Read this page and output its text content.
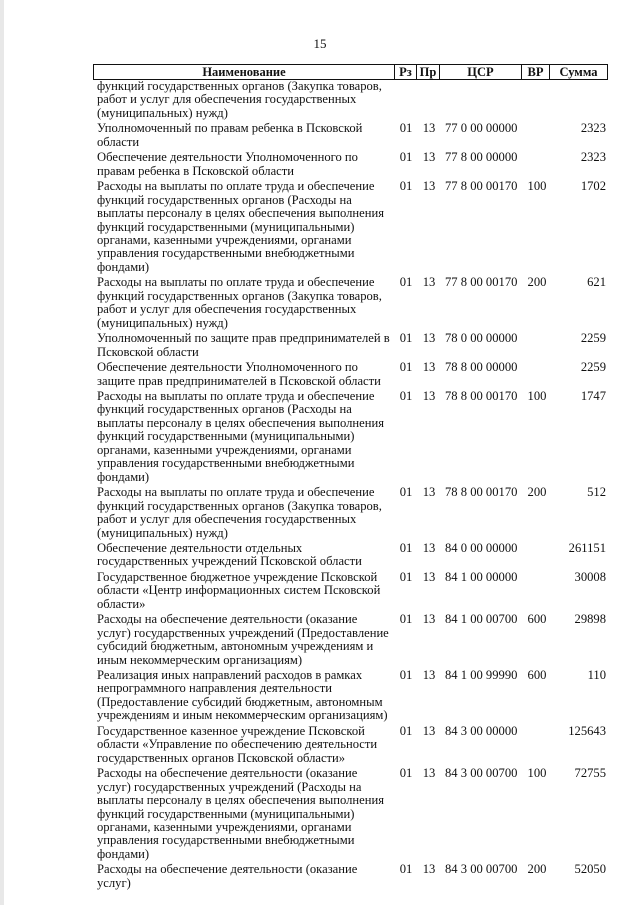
15
Наименование	Рз Пр	ЦСР	ВР	Сумма
функций государственных органов (Закупка товаров, работ и услуг для обеспечения государственных (муниципальных) нужд)
Уполномоченный по правам ребенка в Псковской области
01 13 77 0 00 00000	2323
Обеспечение деятельности Уполномоченного по правам ребенка в Псковской области
01 13 77 8 00 00000	2323
Расходы на выплаты по оплате труда и обеспечение функций государственных органов (Расходы на выплаты персоналу в целях обеспечения выполнения функций государственными (муниципальными) органами, казенными учреждениями, органами управления государственными внебюджетными фондами)
01 13 77 8 00 00170 100	1702
Расходы на выплаты по оплате труда и обеспечение функций государственных органов (Закупка товаров, работ и услуг для обеспечения государственных (муниципальных) нужд)
01 13 77 8 00 00170 200	621
Уполномоченный по защите прав предпринимателей в Псковской области
01 13 78 0 00 00000	2259
Обеспечение деятельности Уполномоченного по защите прав предпринимателей в Псковской области
01 13 78 8 00 00000	2259
Расходы на выплаты по оплате труда и обеспечение функций государственных органов (Расходы на выплаты персоналу в целях обеспечения выполнения функций государственными (муниципальными) органами, казенными учреждениями, органами управления государственными внебюджетными фондами)
01 13 78 8 00 00170 100	1747
Расходы на выплаты по оплате труда и обеспечение функций государственных органов (Закупка товаров, работ и услуг для обеспечения государственных (муниципальных) нужд)
01 13 78 8 00 00170 200	512
Обеспечение деятельности отдельных государственных учреждений Псковской области
01 13 84 0 00 00000	261151
Государственное бюджетное учреждение Псковской области «Центр информационных систем Псковской области»
01 13 84 1 00 00000	30008
Расходы на обеспечение деятельности (оказание услуг) государственных учреждений (Предоставление субсидий бюджетным, автономным учреждениям и иным некоммерческим организациям)
01 13 84 1 00 00700 600	29898
Реализация иных направлений расходов в рамках непрограммного направления деятельности (Предоставление субсидий бюджетным, автономным учреждениям и иным некоммерческим организациям)
01 13 84 1 00 99990 600	110
Государственное казенное учреждение Псковской области «Управление по обеспечению деятельности государственных органов Псковской области»
01 13 84 3 00 00000	125643
Расходы на обеспечение деятельности (оказание услуг) государственных учреждений (Расходы на выплаты персоналу в целях обеспечения выполнения функций государственными (муниципальными) органами, казенными учреждениями, органами управления государственными внебюджетными фондами)
01 13 84 3 00 00700 100	72755
Расходы на обеспечение деятельности (оказание услуг)
01 13 84 3 00 00700 200	52050
